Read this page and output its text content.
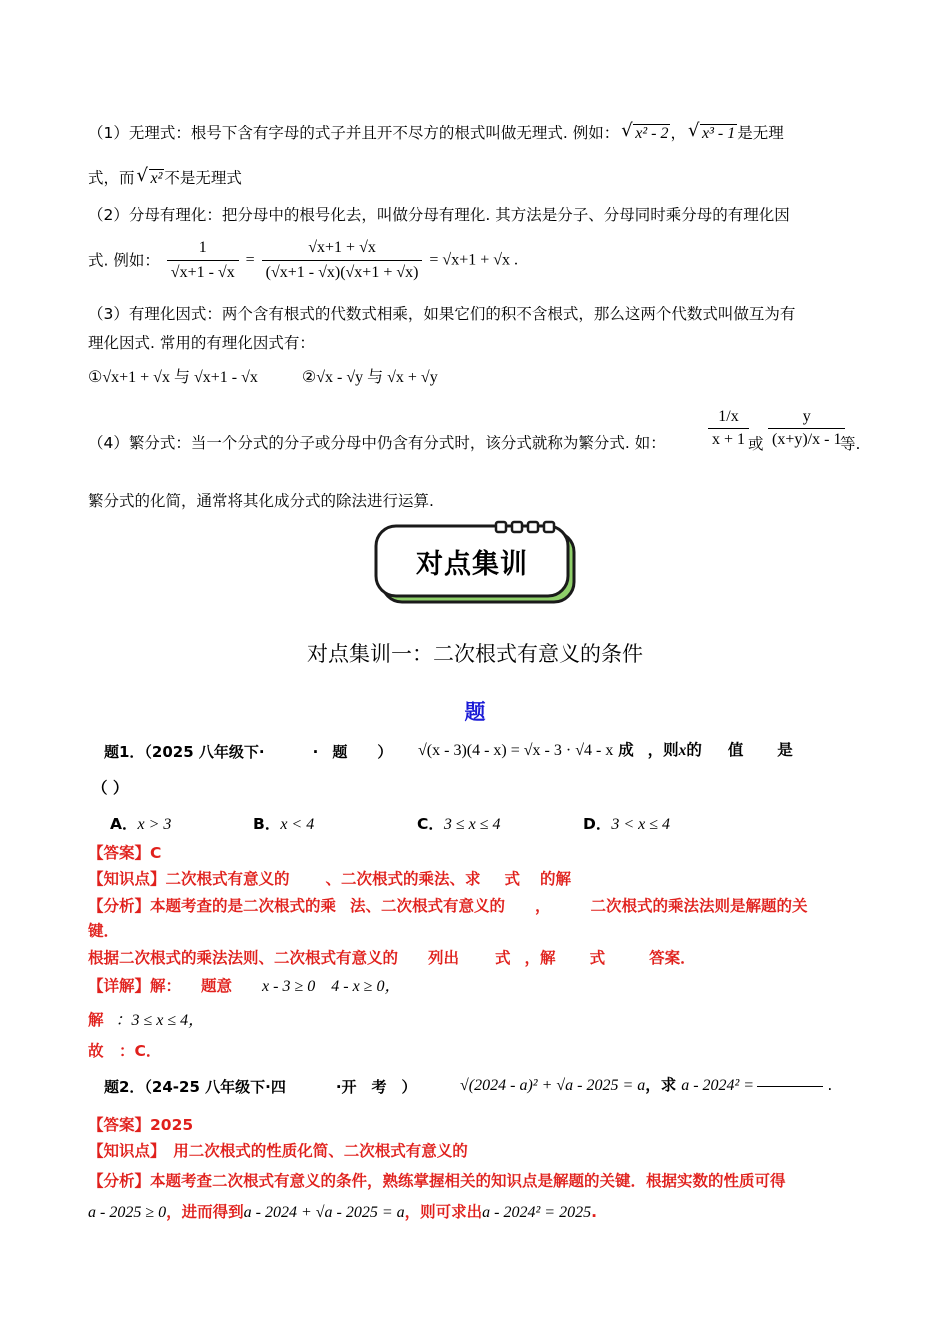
（1）无理式：根号下含有字母的式子并且开不尽方的根式叫做无理式. 例如： √ x² - 2 ， √ x³ - 1 是无理
式，而 √ x² 不是无理式
（2）分母有理化：把分母中的根号化去，叫做分母有理化. 其方法是分子、分母同时乘分母的有理化因
式. 例如： $\frac{1}{√x+1 - √x} = \frac{√x+1 + √x}{(√x+1 - √x)(√x+1 + √x)} = √x+1 + √x$ .
（3）有理化因式：两个含有根式的代数式相乘，如果它们的积不含根式，那么这两个代数式叫做互为有
理化因式. 常用的有理化因式有：
①√x+1 + √x 与 √x+1 - √x	②√x - √y 与 √x + √y
（4）繁分式：当一个分式的分子或分母中仍含有分式时，该分式就称为繁分式. 如：	$\frac{1/x}{x + 1}$
或 $\frac{y}{(x+y)/x - 1}$
等.
繁分式的化简，通常将其化成分式的除法进行运算.
对点集训
对点集训一：二次根式有意义的条件
题
题1．（2025 八年级下·	· 题 ） √(x - 3)(4 - x) = √x - 3 · √4 - x 成 ，则x的 值 是
（ ）
A．x > 3	B．x < 4	C．3 ≤ x ≤ 4	D．3 < x ≤ 4
【答案】C
【知识点】二次根式有意义的 、二次根式的乘法、求 式 的解
【分析】本题考查的是二次根式的乘 法、二次根式有意义的 ，	二次根式的乘法法则是解题的关
键．
根据二次根式的乘法法则、二次根式有意义的 列出 式 ，解 式	答案．
【详解】解： 题意 x - 3 ≥ 0　4 - x ≥ 0，
解 ：3 ≤ x ≤ 4，
故　：C．
题2．（24-25 八年级下·四	·开　考　）	√(2024 - a)² + √a - 2025 = a，求 a - 2024² =	.
【答案】2025
【知识点】　用二次根式的性质化简、二次根式有意义的
【分析】本题考查二次根式有意义的条件，熟练掌握相关的知识点是解题的关键．根据实数的性质可得
a - 2025 ≥ 0，进而得到a - 2024 + √a - 2025 = a，则可求出a - 2024² = 2025.
